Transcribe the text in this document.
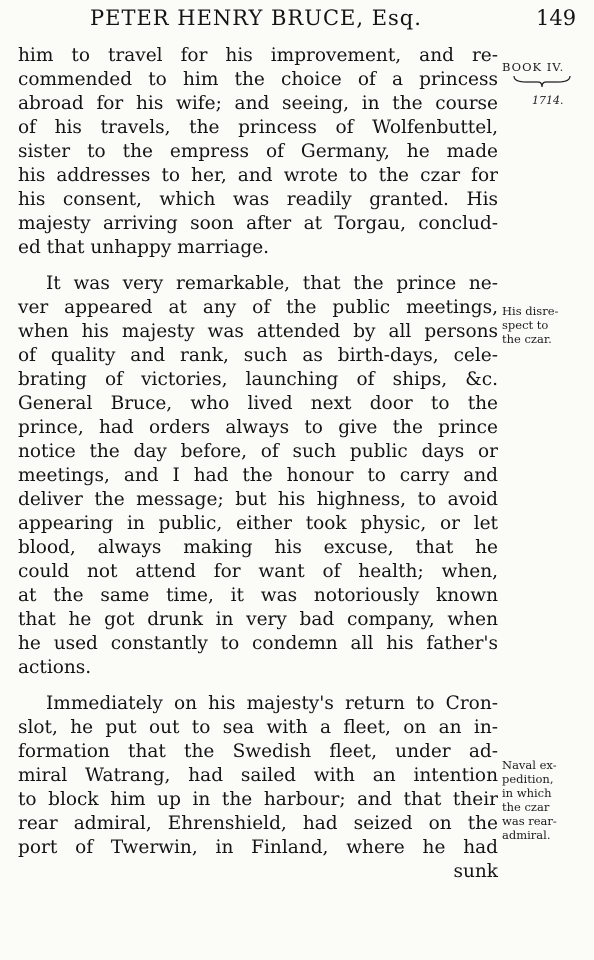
PETER HENRY BRUCE, Esq.	149
BOOK IV.
1714.
His disre-
spect to
the czar.
Naval ex-
pedition,
in which
the czar
was rear-
admiral.
him to travel for his improvement, and re-
commended to him the choice of a princess
abroad for his wife; and seeing, in the course
of his travels, the princess of Wolfenbuttel,
sister to the empress of Germany, he made
his addresses to her, and wrote to the czar for
his consent, which was readily granted. His
majesty arriving soon after at Torgau, conclud-
ed that unhappy marriage.
It was very remarkable, that the prince ne-
ver appeared at any of the public meetings,
when his majesty was attended by all persons
of quality and rank, such as birth-days, cele-
brating of victories, launching of ships, &c.
General Bruce, who lived next door to the
prince, had orders always to give the prince
notice the day before, of such public days or
meetings, and I had the honour to carry and
deliver the message; but his highness, to avoid
appearing in public, either took physic, or let
blood, always making his excuse, that he
could not attend for want of health; when,
at the same time, it was notoriously known
that he got drunk in very bad company, when
he used constantly to condemn all his father's
actions.
Immediately on his majesty's return to Cron-
slot, he put out to sea with a fleet, on an in-
formation that the Swedish fleet, under ad-
miral Watrang, had sailed with an intention
to block him up in the harbour; and that their
rear admiral, Ehrenshield, had seized on the
port of Twerwin, in Finland, where he had
sunk
